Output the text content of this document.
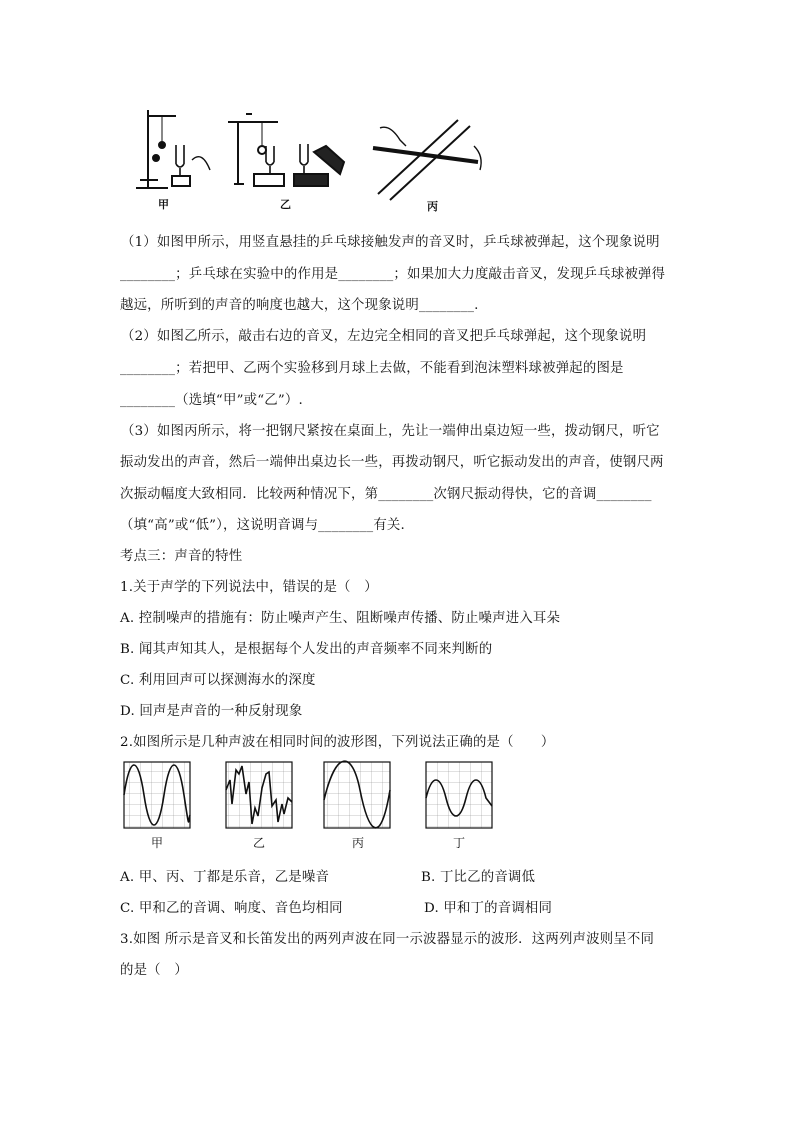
甲	乙	丙
（1）如图甲所示，用竖直悬挂的乒乓球接触发声的音叉时，乒乓球被弹起，这个现象说明
________；乒乓球在实验中的作用是________；如果加大力度敲击音叉，发现乒乓球被弹得
越远，所听到的声音的响度也越大，这个现象说明________.
（2）如图乙所示，敲击右边的音叉，左边完全相同的音叉把乒乓球弹起，这个现象说明
________；若把甲、乙两个实验移到月球上去做，不能看到泡沫塑料球被弹起的图是
________（选填“甲”或“乙”）.
（3）如图丙所示，将一把钢尺紧按在桌面上，先让一端伸出桌边短一些，拨动钢尺，听它
振动发出的声音，然后一端伸出桌边长一些，再拨动钢尺，听它振动发出的声音，使钢尺两
次振动幅度大致相同．比较两种情况下，第________次钢尺振动得快，它的音调________
（填“高”或“低”），这说明音调与________有关.
考点三：声音的特性
1.关于声学的下列说法中，错误的是（　）
A. 控制噪声的措施有：防止噪声产生、阻断噪声传播、防止噪声进入耳朵
B. 闻其声知其人，是根据每个人发出的声音频率不同来判断的
C. 利用回声可以探测海水的深度
D. 回声是声音的一种反射现象
2.如图所示是几种声波在相同时间的波形图，下列说法正确的是（　　）
甲	乙	丙	丁
A. 甲、丙、丁都是乐音，乙是噪音	B. 丁比乙的音调低
C. 甲和乙的音调、响度、音色均相同	D. 甲和丁的音调相同
3.如图 所示是音叉和长笛发出的两列声波在同一示波器显示的波形．这两列声波则呈不同
的是（　）
